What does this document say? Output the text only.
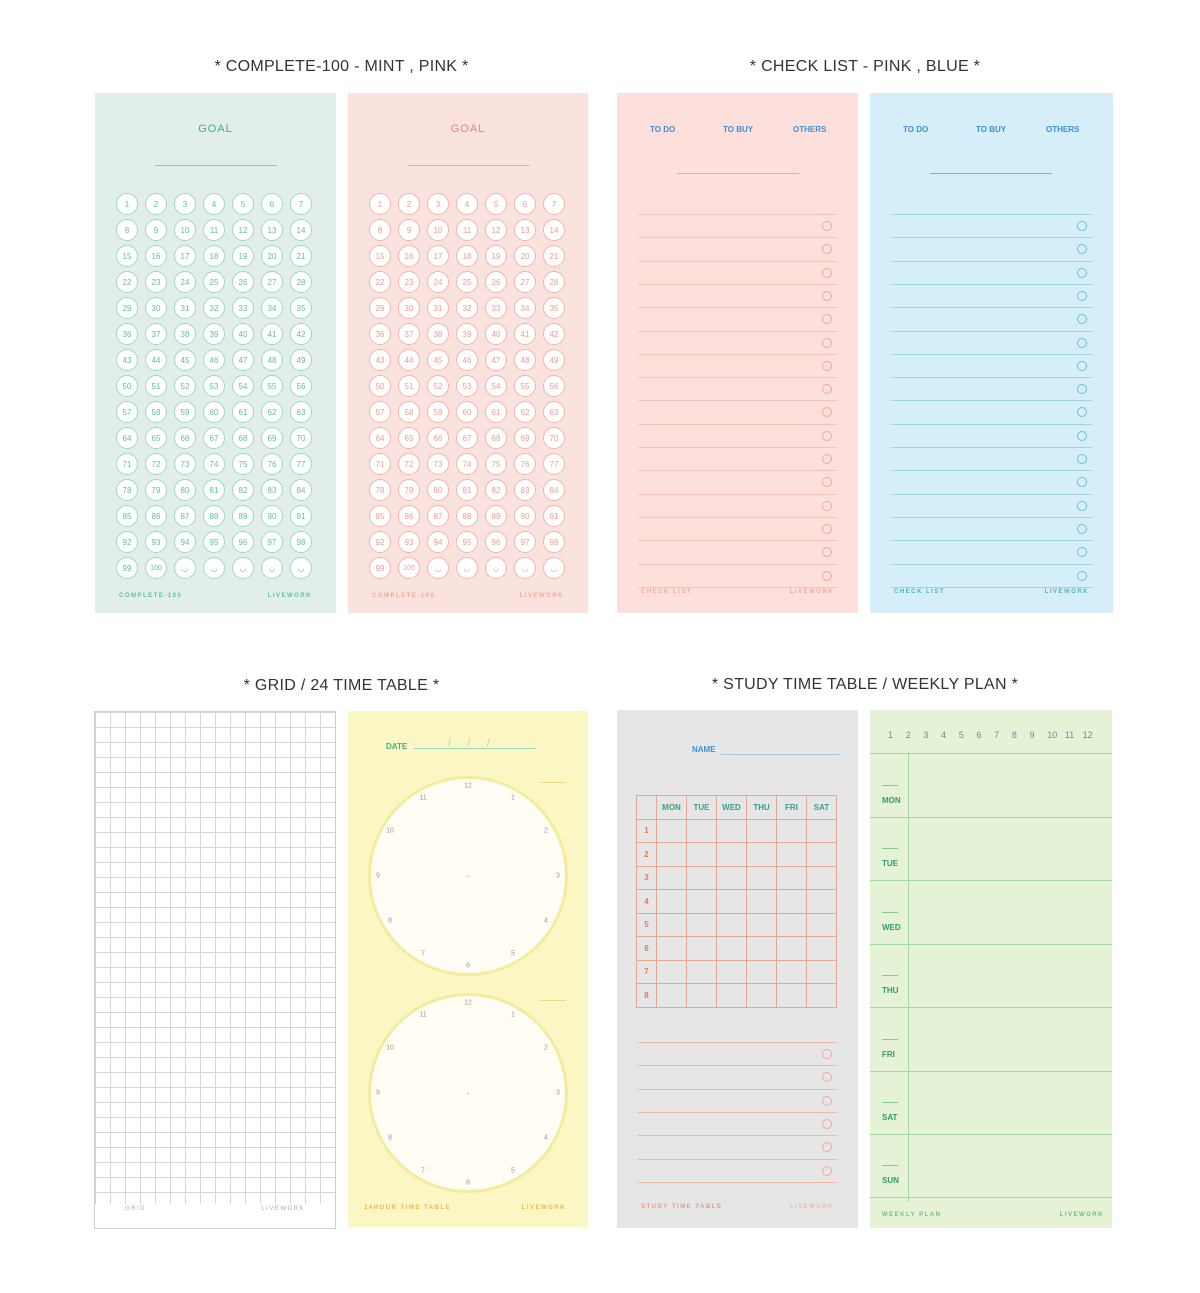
* COMPLETE-100 - MINT , PINK *	* CHECK LIST - PINK , BLUE *
* GRID / 24 TIME TABLE *	* STUDY TIME TABLE / WEEKLY PLAN *
GOAL
1	2	3	4	5	6	7
8	9	10	11	12	13	14
15	16	17	18	19	20	21
22	23	24	25	26	27	28
29	30	31	32	33	34	35
36	37	38	39	40	41	42
43	44	45	46	47	48	49
50	51	52	53	54	55	56
57	58	59	60	61	62	63
64	65	66	67	68	69	70
71	72	73	74	75	76	77
78	79	80	81	82	83	84
85	86	87	88	89	90	91
92	93	94	95	96	97	98
99	100	◡	◡	◡	◡	◡
COMPLETE-100	LIVEWORK
GOAL
1	2	3	4	5	6	7
8	9	10	11	12	13	14
15	16	17	18	19	20	21
22	23	24	25	26	27	28
29	30	31	32	33	34	35
36	37	38	39	40	41	42
43	44	45	46	47	48	49
50	51	52	53	54	55	56
57	58	59	60	61	62	63
64	65	66	67	68	69	70
71	72	73	74	75	76	77
78	79	80	81	82	83	84
85	86	87	88	89	90	91
92	93	94	95	96	97	98
99	100	◡	◡	◡	◡	◡
COMPLETE-100	LIVEWORK
TO DO	TO BUY	OTHERS
CHECK LIST	LIVEWORK
TO DO	TO BUY	OTHERS
CHECK LIST	LIVEWORK
GRID	LIVEWORK
DATE	/      /      /
24HOUR TIME TABLE	LIVEWORK
1
2
3
4
5
6
7
8
9
10
11
12
1
2
3
4
5
6
7
8
9
10
11
12
NAME
	MON	TUE	WED	THU	FRI	SAT
1						
2						
3						
4						
5						
6						
7						
8						
STUDY TIME TABLE	LIVEWORK
1 2 3 4 5 6 7 8 9 10 11 12
MON
TUE
WED
THU
FRI
SAT
SUN
WEEKLY PLAN	LIVEWORK
